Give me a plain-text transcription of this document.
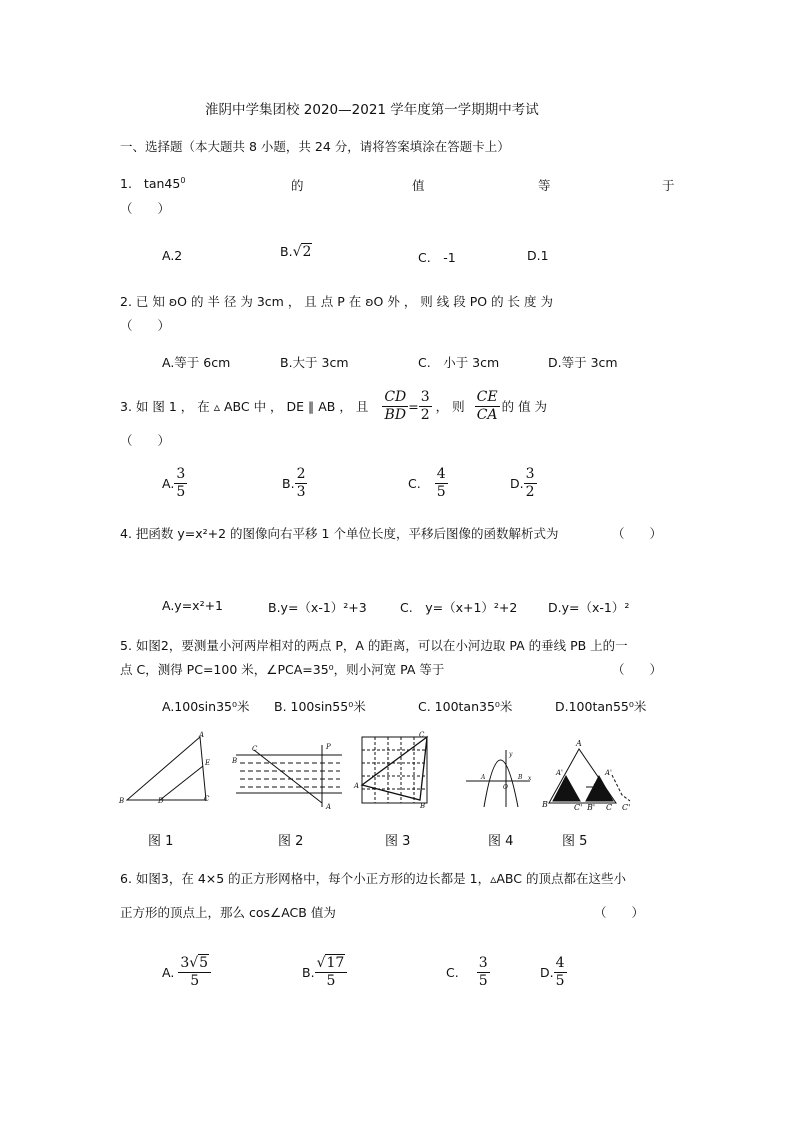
淮阴中学集团校 2020—2021 学年度第一学期期中考试
一、选择题（本大题共 8 小题，共 24 分，请将答案填涂在答题卡上）
1. $\tan 45^0$	的	值	等	于
（　　）
A.2	B.√2	C.　-1	D.1
2. 已 知 ʚO 的 半 径 为 3cm ， 且 点 P 在 ʚO 外 ， 则 线 段 PO 的 长 度 为
（　　）
A.等于 6cm	B.大于 3cm	C.　小于 3cm	D.等于 3cm
3. 如 图 1 ， 在 ▵ ABC 中 ， DE ∥ AB ， 且 $\frac{CD}{BD} = \frac{3}{2}$ ， 则 $\frac{CE}{CA}$ 的 值 为
（　　）
A. $\frac{3}{5}$	B. $\frac{2}{3}$	C. $\frac{4}{5}$	D. $\frac{3}{2}$
4. 把函数 y=x²+2 的图像向右平移 1 个单位长度，平移后图像的函数解析式为	（　　）
A.y=x²+1	B.y=（x-1）²+3	C.　y=（x+1）²+2 D.y=（x-1）²
5. 如图2，要测量小河两岸相对的两点 P，A 的距离，可以在小河边取 PA 的垂线 PB 上的一
点 C，测得 PC=100 米，∠PCA=35⁰，则小河宽 PA 等于	（　　）
A.100sin35⁰米 B. 100sin55⁰米	C. 100tan35⁰米	D.100tan55⁰米
A
B	C
D
E
C
B
P
A
A
C
B
y
x
A
O
B
A
A'	A'
B	B'
C'	C C'
图 1	图 2	图 3	图 4	图 5
6. 如图3，在 4×5 的正方形网格中，每个小正方形的边长都是 1，▵ABC 的顶点都在这些小
正方形的顶点上，那么 cos∠ACB 值为	（　　）
A. $\frac{3√5}{5}$	B. $\frac{√17}{5}$	C. $\frac{3}{5}$	D. $\frac{4}{5}$
